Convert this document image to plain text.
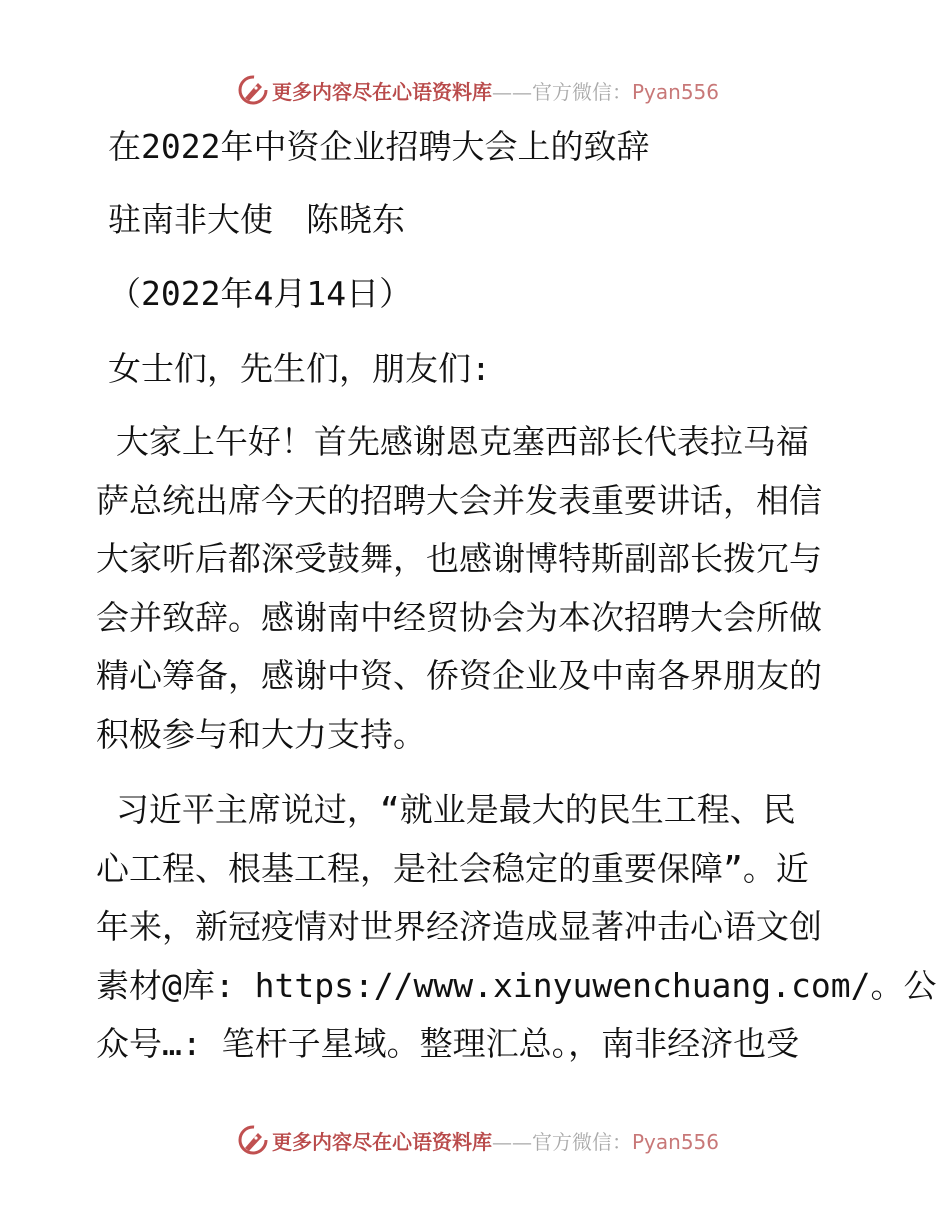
更多内容尽在心语资料库——官方微信：Pyan556

在2022年中资企业招聘大会上的致辞

驻南非大使　陈晓东

（2022年4月14日）

女士们，先生们，朋友们:

大家上午好！首先感谢恩克塞西部长代表拉马福
萨总统出席今天的招聘大会并发表重要讲话，相信
大家听后都深受鼓舞，也感谢博特斯副部长拨冗与
会并致辞。感谢南中经贸协会为本次招聘大会所做
精心筹备，感谢中资、侨资企业及中南各界朋友的
积极参与和大力支持。
习近平主席说过，“就业是最大的民生工程、民
心工程、根基工程，是社会稳定的重要保障”。近
年来，新冠疫情对世界经济造成显著冲击心语文创
素材@库: https://www.xinyuwenchuang.com/。公
众号…: 笔杆子星域。整理汇总。，南非经济也受
更多内容尽在心语资料库——官方微信：Pyan556
